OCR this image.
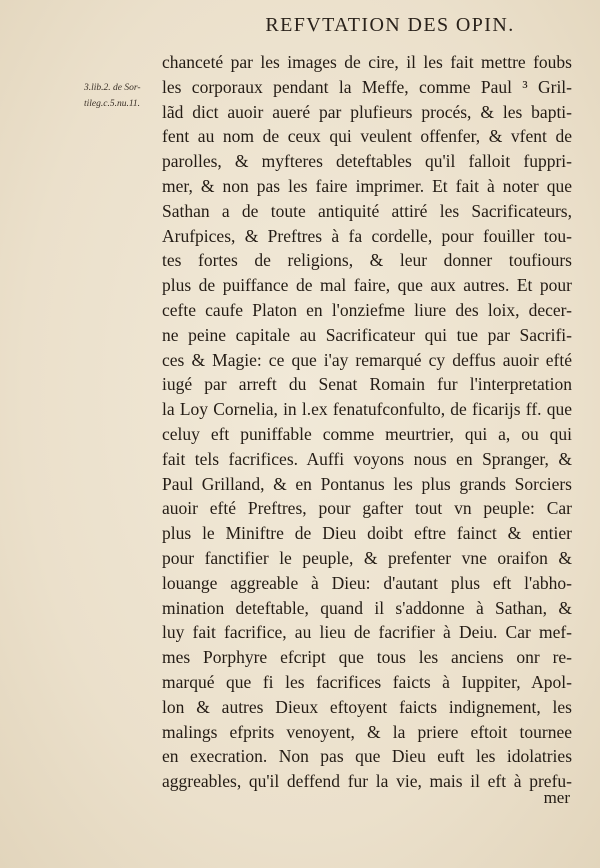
REFVTATION DES OPIN.
3.lib.2. de Sor-
tileg.c.5.nu.11.
chanceté par les images de cire, il les fait mettre foubs
les corporaux pendant la Meffe, comme Paul ³ Gril-
lãd dict auoir aueré par plufieurs procés, & les bapti-
fent au nom de ceux qui veulent offenfer, & vfent de
parolles, & myfteres deteftables qu'il falloit fuppri-
mer, & non pas les faire imprimer. Et fait à noter que
Sathan a de toute antiquité attiré les Sacrificateurs,
Arufpices, & Preftres à fa cordelle, pour fouiller tou-
tes fortes de religions, & leur donner toufiours
plus de puiffance de mal faire, que aux autres. Et pour
cefte caufe Platon en l'onziefme liure des loix, decer-
ne peine capitale au Sacrificateur qui tue par Sacrifi-
ces & Magie: ce que i'ay remarqué cy deffus auoir efté
iugé par arreft du Senat Romain fur l'interpretation
la Loy Cornelia, in l.ex fenatufconfulto, de ficarijs ff. que
celuy eft puniffable comme meurtrier, qui a, ou qui
fait tels facrifices. Auffi voyons nous en Spranger, &
Paul Grilland, & en Pontanus les plus grands Sorciers
auoir efté Preftres, pour gafter tout vn peuple: Car
plus le Miniftre de Dieu doibt eftre fainct & entier
pour fanctifier le peuple, & prefenter vne oraifon &
louange aggreable à Dieu: d'autant plus eft l'abho-
mination deteftable, quand il s'addonne à Sathan, &
luy fait facrifice, au lieu de facrifier à Deiu. Car mef-
mes Porphyre efcript que tous les anciens onr re-
marqué que fi les facrifices faicts à Iuppiter, Apol-
lon & autres Dieux eftoyent faicts indignement, les
malings efprits venoyent, & la priere eftoit tournee
en execration. Non pas que Dieu euft les idolatries
aggreables, qu'il deffend fur la vie, mais il eft à prefu-
mer
